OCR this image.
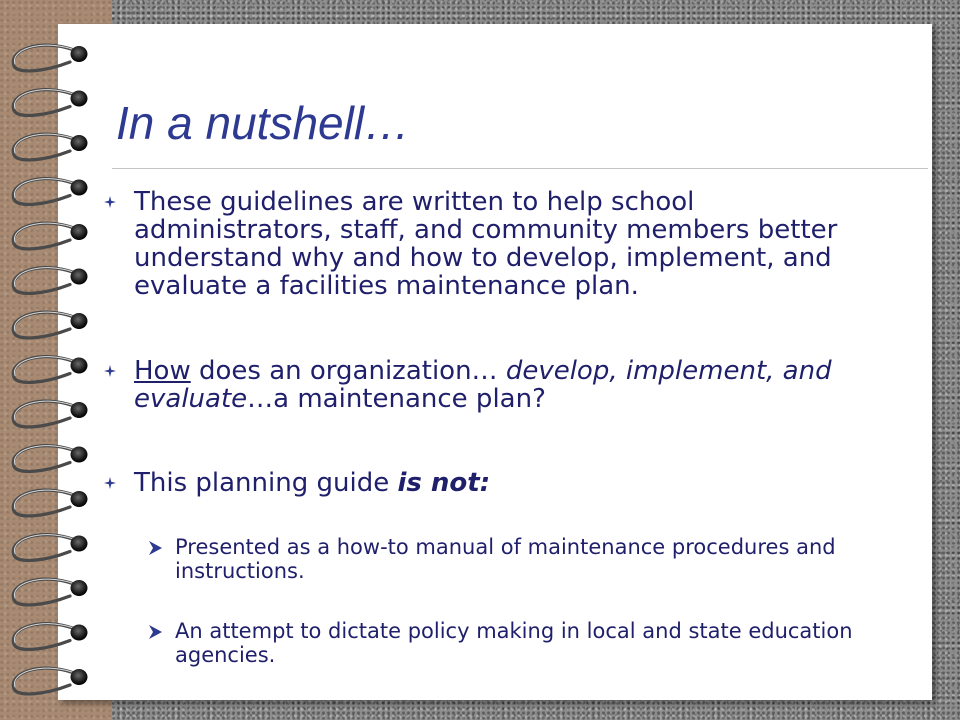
In a nutshell…
These guidelines are written to help school administrators, staff, and community members better understand why and how to develop, implement, and evaluate a facilities maintenance plan.
How does an organization… develop, implement, and evaluate…a maintenance plan?
This planning guide is not:
Presented as a how-to manual of maintenance procedures and instructions.
An attempt to dictate policy making in local and state education agencies.
